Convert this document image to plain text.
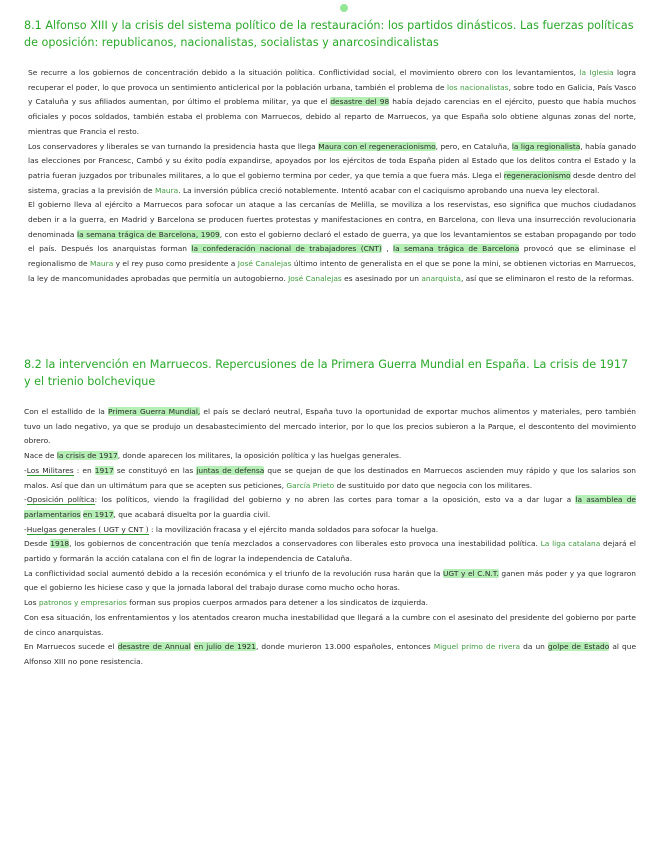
8.1 Alfonso XIII y la crisis del sistema político de la restauración: los partidos dinásticos. Las fuerzas políticas de oposición: republicanos, nacionalistas, socialistas y anarcosindicalistas

Se recurre a los gobiernos de concentración debido a la situación política. Conflictividad social, el movimiento obrero con los levantamientos, la Iglesia logra recuperar el poder, lo que provoca un sentimiento anticlerical por la población urbana, también el problema de los nacionalistas, sobre todo en Galicia, País Vasco y Cataluña y sus afiliados aumentan, por último el problema militar, ya que el desastre del 98 había dejado carencias en el ejército, puesto que había muchos oficiales y pocos soldados, también estaba el problema con Marruecos, debido al reparto de Marruecos, ya que España solo obtiene algunas zonas del norte, mientras que Francia el resto.

Los conservadores y liberales se van turnando la presidencia hasta que llega Maura con el regeneracionismo, pero, en Cataluña, la liga regionalista, había ganado las elecciones por Francesc, Cambó y su éxito podía expandirse, apoyados por los ejércitos de toda España piden al Estado que los delitos contra el Estado y la patria fueran juzgados por tribunales militares, a lo que el gobierno termina por ceder, ya que temía a que fuera más. Llega el regeneracionismo desde dentro del sistema, gracias a la previsión de Maura. La inversión pública creció notablemente. Intentó acabar con el caciquismo aprobando una nueva ley electoral.

El gobierno lleva al ejército a Marruecos para sofocar un ataque a las cercanías de Melilla, se moviliza a los reservistas, eso significa que muchos ciudadanos deben ir a la guerra, en Madrid y Barcelona se producen fuertes protestas y manifestaciones en contra, en Barcelona, con lleva una insurrección revolucionaria denominada la semana trágica de Barcelona, 1909, con esto el gobierno declaró el estado de guerra, ya que los levantamientos se estaban propagando por todo el país. Después los anarquistas forman la confederación nacional de trabajadores (CNT) , la semana trágica de Barcelona provocó que se eliminase el regionalismo de Maura y el rey puso como presidente a José Canalejas último intento de generalista en el que se pone la mini, se obtienen victorias en Marruecos, la ley de mancomunidades aprobadas que permitía un autogobierno. José Canalejas es asesinado por un anarquista, así que se eliminaron el resto de la reformas.

8.2 la intervención en Marruecos. Repercusiones de la Primera Guerra Mundial en España. La crisis de 1917 y el trienio bolchevique

Con el estallido de la Primera Guerra Mundial, el país se declaró neutral, España tuvo la oportunidad de exportar muchos alimentos y materiales, pero también tuvo un lado negativo, ya que se produjo un desabastecimiento del mercado interior, por lo que los precios subieron a la Parque, el descontento del movimiento obrero.

Nace de la crisis de 1917, donde aparecen los militares, la oposición política y las huelgas generales.

-Los Militares : en 1917 se constituyó en las juntas de defensa que se quejan de que los destinados en Marruecos ascienden muy rápido y que los salarios son malos. Así que dan un ultimátum para que se acepten sus peticiones, García Prieto de sustituido por dato que negocia con los militares.

-Oposición política: los políticos, viendo la fragilidad del gobierno y no abren las cortes para tomar a la oposición, esto va a dar lugar a la asamblea de parlamentarios en 1917, que acabará disuelta por la guardia civil.

-Huelgas generales ( UGT y CNT ) : la movilización fracasa y el ejército manda soldados para sofocar la huelga.

Desde 1918, los gobiernos de concentración que tenía mezclados a conservadores con liberales esto provoca una inestabilidad política. La liga catalana dejará el partido y formarán la acción catalana con el fin de lograr la independencia de Cataluña.

La conflictividad social aumentó debido a la recesión económica y el triunfo de la revolución rusa harán que la UGT y el C.N.T. ganen más poder y ya que lograron que el gobierno les hiciese caso y que la jornada laboral del trabajo durase como mucho ocho horas.

Los patronos y empresarios forman sus propios cuerpos armados para detener a los sindicatos de izquierda.

Con esa situación, los enfrentamientos y los atentados crearon mucha inestabilidad que llegará a la cumbre con el asesinato del presidente del gobierno por parte de cinco anarquistas.

En Marruecos sucede el desastre de Annual en julio de 1921, donde murieron 13.000 españoles, entonces Miguel primo de rivera da un golpe de Estado al que Alfonso XIII no pone resistencia.
